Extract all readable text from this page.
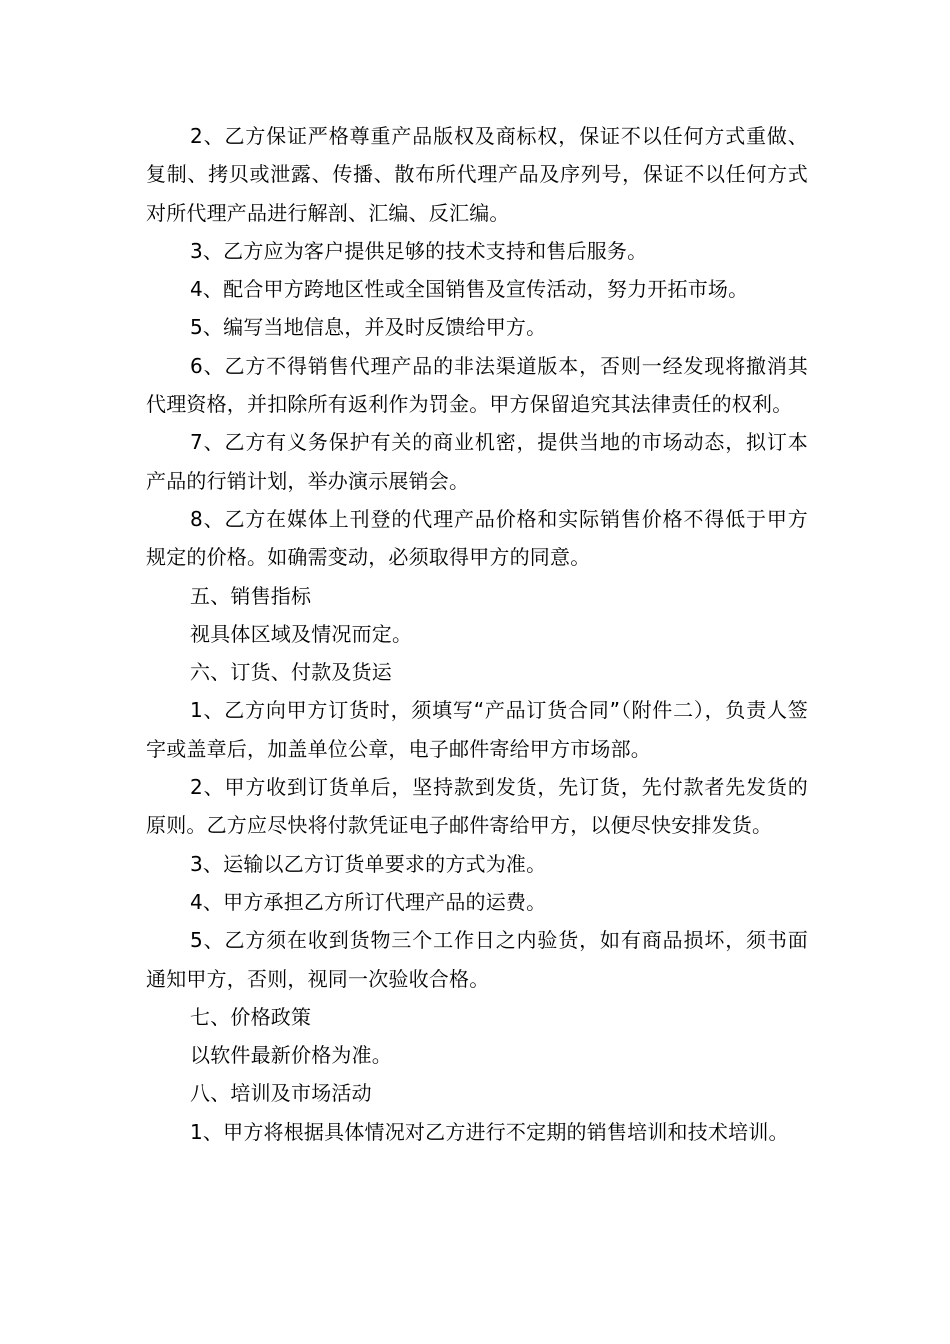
2、乙方保证严格尊重产品版权及商标权，保证不以任何方式重做、复制、拷贝或泄露、传播、散布所代理产品及序列号，保证不以任何方式对所代理产品进行解剖、汇编、反汇编。

3、乙方应为客户提供足够的技术支持和售后服务。

4、配合甲方跨地区性或全国销售及宣传活动，努力开拓市场。

5、编写当地信息，并及时反馈给甲方。

6、乙方不得销售代理产品的非法渠道版本，否则一经发现将撤消其代理资格，并扣除所有返利作为罚金。甲方保留追究其法律责任的权利。

7、乙方有义务保护有关的商业机密，提供当地的市场动态，拟订本产品的行销计划，举办演示展销会。

8、乙方在媒体上刊登的代理产品价格和实际销售价格不得低于甲方规定的价格。如确需变动，必须取得甲方的同意。

五、销售指标

视具体区域及情况而定。

六、订货、付款及货运

1、乙方向甲方订货时，须填写“产品订货合同”（附件二），负责人签字或盖章后，加盖单位公章，电子邮件寄给甲方市场部。

2、甲方收到订货单后，坚持款到发货，先订货，先付款者先发货的原则。乙方应尽快将付款凭证电子邮件寄给甲方，以便尽快安排发货。

3、运输以乙方订货单要求的方式为准。

4、甲方承担乙方所订代理产品的运费。

5、乙方须在收到货物三个工作日之内验货，如有商品损坏，须书面通知甲方，否则，视同一次验收合格。

七、价格政策

以软件最新价格为准。

八、培训及市场活动

1、甲方将根据具体情况对乙方进行不定期的销售培训和技术培训。
